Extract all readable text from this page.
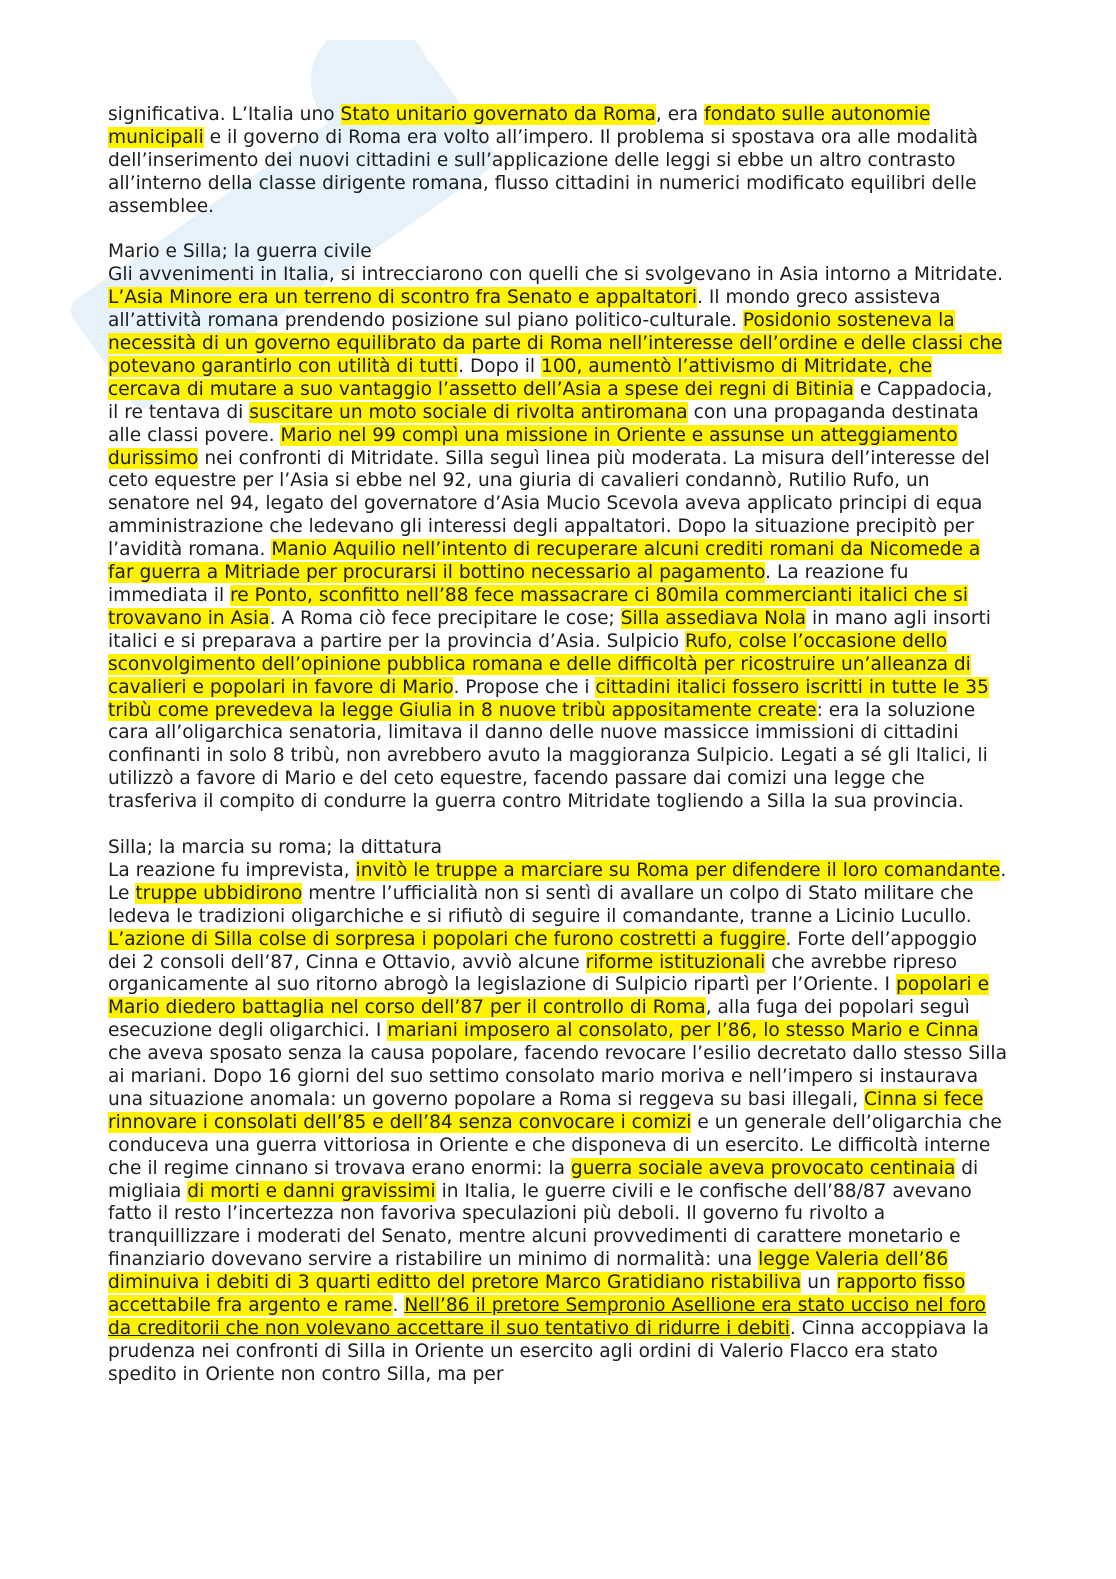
significativa. L’Italia uno Stato unitario governato da Roma, era fondato sulle autonomie municipali e il governo di Roma era volto all’impero. Il problema si spostava ora alle modalità dell’inserimento dei nuovi cittadini e sull’applicazione delle leggi si ebbe un altro contrasto all’interno della classe dirigente romana, flusso cittadini in numerici modificato equilibri delle assemblee.

Mario e Silla; la guerra civile

Gli avvenimenti in Italia, si intrecciarono con quelli che si svolgevano in Asia intorno a Mitridate. L’Asia Minore era un terreno di scontro fra Senato e appaltatori. Il mondo greco assisteva all’attività romana prendendo posizione sul piano politico-culturale. Posidonio sosteneva la necessità di un governo equilibrato da parte di Roma nell’interesse dell’ordine e delle classi che potevano garantirlo con utilità di tutti. Dopo il 100, aumentò l’attivismo di Mitridate, che cercava di mutare a suo vantaggio l’assetto dell’Asia a spese dei regni di Bitinia e Cappadocia, il re tentava di suscitare un moto sociale di rivolta antiromana con una propaganda destinata alle classi povere. Mario nel 99 compì una missione in Oriente e assunse un atteggiamento durissimo nei confronti di Mitridate. Silla seguì linea più moderata. La misura dell’interesse del ceto equestre per l’Asia si ebbe nel 92, una giuria di cavalieri condannò, Rutilio Rufo, un senatore nel 94, legato del governatore d’Asia Mucio Scevola aveva applicato principi di equa amministrazione che ledevano gli interessi degli appaltatori. Dopo la situazione precipitò per l’avidità romana. Manio Aquilio nell’intento di recuperare alcuni crediti romani da Nicomede a far guerra a Mitriade per procurarsi il bottino necessario al pagamento. La reazione fu immediata il re Ponto, sconfitto nell’88 fece massacrare ci 80mila commercianti italici che si trovavano in Asia. A Roma ciò fece precipitare le cose; Silla assediava Nola in mano agli insorti italici e si preparava a partire per la provincia d’Asia. Sulpicio Rufo, colse l’occasione dello sconvolgimento dell’opinione pubblica romana e delle difficoltà per ricostruire un’alleanza di cavalieri e popolari in favore di Mario. Propose che i cittadini italici fossero iscritti in tutte le 35 tribù come prevedeva la legge Giulia in 8 nuove tribù appositamente create: era la soluzione cara all’oligarchica senatoria, limitava il danno delle nuove massicce immissioni di cittadini confinanti in solo 8 tribù, non avrebbero avuto la maggioranza Sulpicio. Legati a sé gli Italici, li utilizzò a favore di Mario e del ceto equestre, facendo passare dai comizi una legge che trasferiva il compito di condurre la guerra contro Mitridate togliendo a Silla la sua provincia.

Silla; la marcia su roma; la dittatura

La reazione fu imprevista, invitò le truppe a marciare su Roma per difendere il loro comandante. Le truppe ubbidirono mentre l’ufficialità non si sentì di avallare un colpo di Stato militare che ledeva le tradizioni oligarchiche e si rifiutò di seguire il comandante, tranne a Licinio Lucullo. L’azione di Silla colse di sorpresa i popolari che furono costretti a fuggire. Forte dell’appoggio dei 2 consoli dell’87, Cinna e Ottavio, avviò alcune riforme istituzionali che avrebbe ripreso organicamente al suo ritorno abrogò la legislazione di Sulpicio ripartì per l’Oriente. I popolari e Mario diedero battaglia nel corso dell’87 per il controllo di Roma, alla fuga dei popolari seguì esecuzione degli oligarchici. I mariani imposero al consolato, per l’86, lo stesso Mario e Cinna che aveva sposato senza la causa popolare, facendo revocare l’esilio decretato dallo stesso Silla ai mariani. Dopo 16 giorni del suo settimo consolato mario moriva e nell’impero si instaurava una situazione anomala: un governo popolare a Roma si reggeva su basi illegali, Cinna si fece rinnovare i consolati dell’85 e dell’84 senza convocare i comizi e un generale dell’oligarchia che conduceva una guerra vittoriosa in Oriente e che disponeva di un esercito. Le difficoltà interne che il regime cinnano si trovava erano enormi: la guerra sociale aveva provocato centinaia di migliaia di morti e danni gravissimi in Italia, le guerre civili e le confische dell’88/87 avevano fatto il resto l’incertezza non favoriva speculazioni più deboli. Il governo fu rivolto a tranquillizzare i moderati del Senato, mentre alcuni provvedimenti di carattere monetario e finanziario dovevano servire a ristabilire un minimo di normalità: una legge Valeria dell’86 diminuiva i debiti di 3 quarti editto del pretore Marco Gratidiano ristabiliva un rapporto fisso accettabile fra argento e rame. Nell’86 il pretore Sempronio Asellione era stato ucciso nel foro da creditorii che non volevano accettare il suo tentativo di ridurre i debiti. Cinna accoppiava la prudenza nei confronti di Silla in Oriente un esercito agli ordini di Valerio Flacco era stato spedito in Oriente non contro Silla, ma per
